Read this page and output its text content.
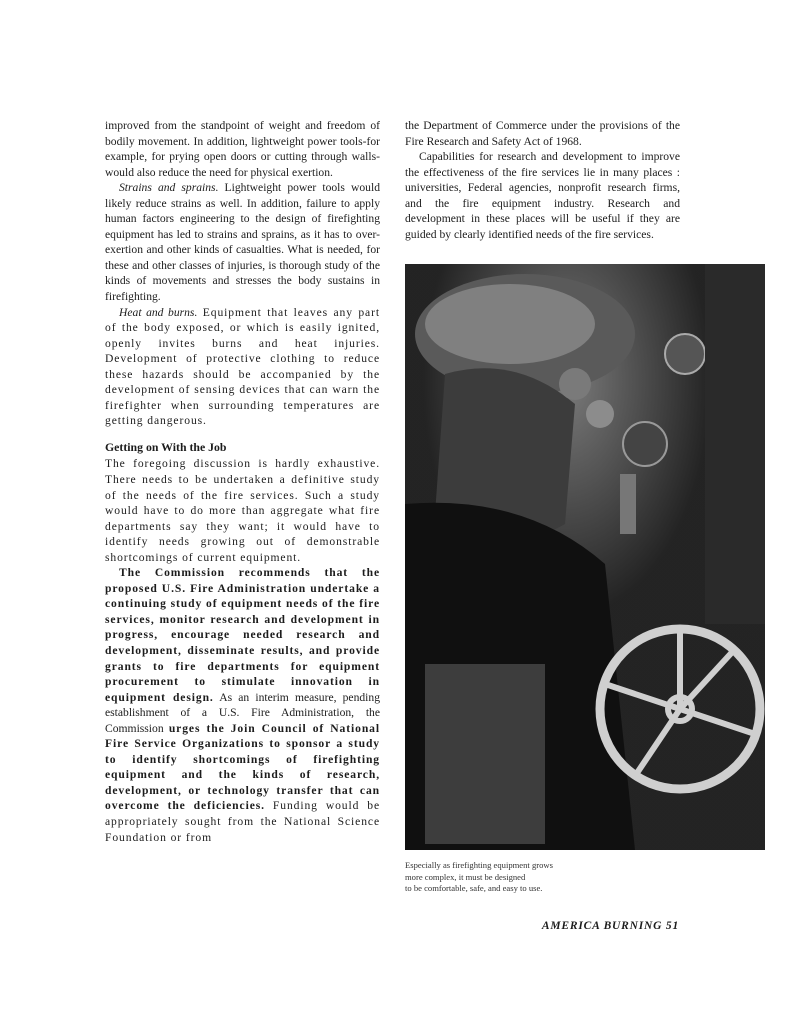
improved from the standpoint of weight and freedom of bodily movement. In addition, lightweight power tools-for example, for prying open doors or cutting through walls-would also reduce the need for physical exertion.

Strains and sprains. Lightweight power tools would likely reduce strains as well. In addition, failure to apply human factors engineering to the design of firefighting equipment has led to strains and sprains, as it has to over-exertion and other kinds of casualties. What is needed, for these and other classes of injuries, is thorough study of the kinds of movements and stresses the body sustains in firefighting.

Heat and burns. Equipment that leaves any part of the body exposed, or which is easily ignited, openly invites burns and heat injuries. Development of protective clothing to reduce these hazards should be accompanied by the development of sensing devices that can warn the firefighter when surrounding temperatures are getting dangerous.

Getting on With the Job

The foregoing discussion is hardly exhaustive. There needs to be undertaken a definitive study of the needs of the fire services. Such a study would have to do more than aggregate what fire departments say they want; it would have to identify needs growing out of demonstrable shortcomings of current equipment.

The Commission recommends that the proposed U.S. Fire Administration undertake a continuing study of equipment needs of the fire services, monitor research and development in progress, encourage needed research and development, disseminate results, and provide grants to fire departments for equipment procurement to stimulate innovation in equipment design. As an interim measure, pending establishment of a U.S. Fire Administration, the Commission urges the Join Council of National Fire Service Organizations to sponsor a study to identify shortcomings of firefighting equipment and the kinds of research, development, or technology transfer that can overcome the deficiencies. Funding would be appropriately sought from the National Science Foundation or from

the Department of Commerce under the provisions of the Fire Research and Safety Act of 1968.

Capabilities for research and development to improve the effectiveness of the fire services lie in many places : universities, Federal agencies, nonprofit research firms, and the fire equipment industry. Research and development in these places will be useful if they are guided by clearly identified needs of the fire services.

Especially as firefighting equipment grows
more complex, it must be designed
to be comfortable, safe, and easy to use.
AMERICA BURNING 51
